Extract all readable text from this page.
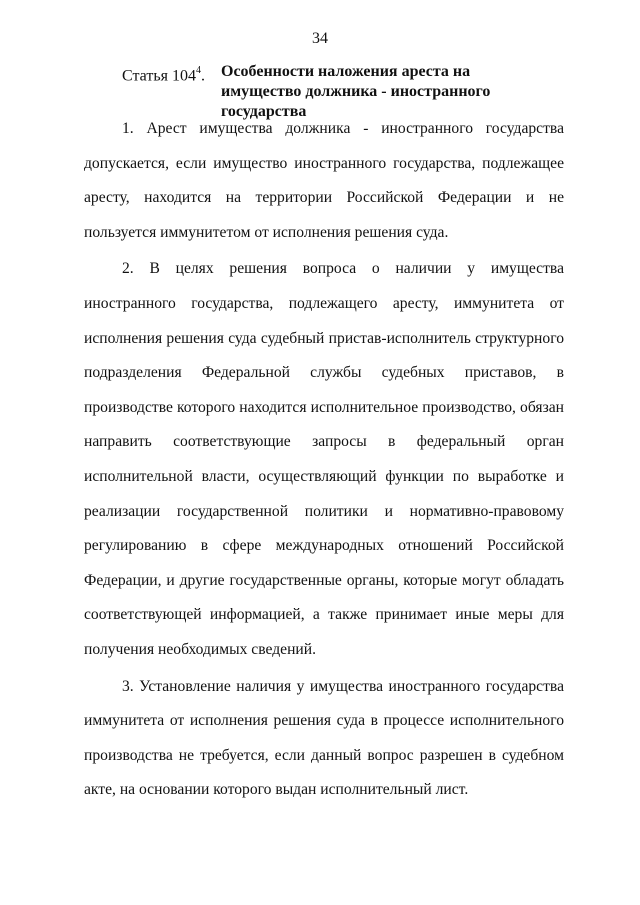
34
Статья $104^4$. Особенности наложения ареста на имущество должника - иностранного государства

1. Арест имущества должника - иностранного государства допускается, если имущество иностранного государства, подлежащее аресту, находится на территории Российской Федерации и не пользуется иммунитетом от исполнения решения суда.

2. В целях решения вопроса о наличии у имущества иностранного государства, подлежащего аресту, иммунитета от исполнения решения суда судебный пристав-исполнитель структурного подразделения Федеральной службы судебных приставов, в производстве которого находится исполнительное производство, обязан направить соответствующие запросы в федеральный орган исполнительной власти, осуществляющий функции по выработке и реализации государственной политики и нормативно-правовому регулированию в сфере международных отношений Российской Федерации, и другие государственные органы, которые могут обладать соответствующей информацией, а также принимает иные меры для получения необходимых сведений.

3. Установление наличия у имущества иностранного государства иммунитета от исполнения решения суда в процессе исполнительного производства не требуется, если данный вопрос разрешен в судебном акте, на основании которого выдан исполнительный лист.
